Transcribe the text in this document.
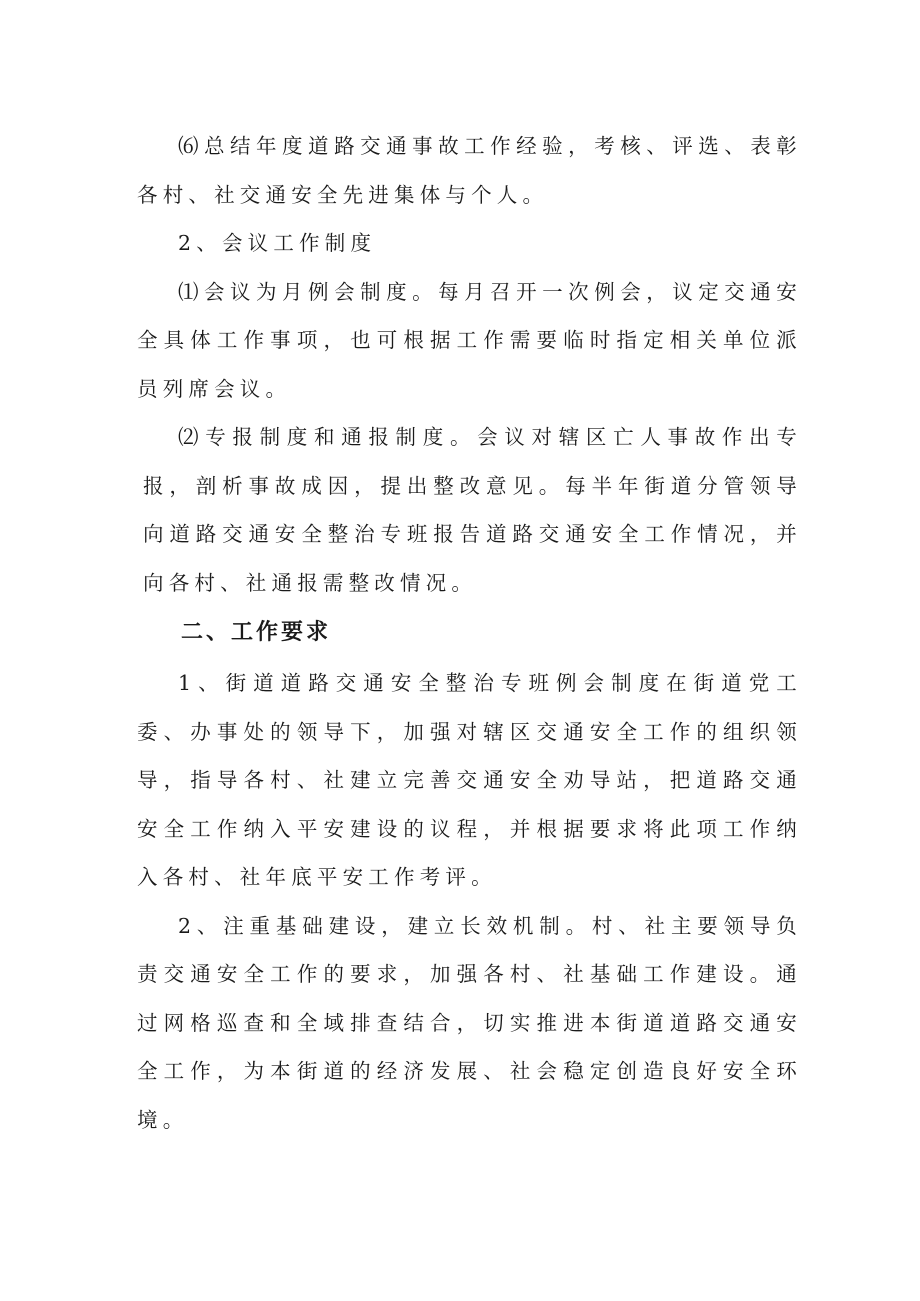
⑹总结年度道路交通事故工作经验，考核、评选、表彰各村、社交通安全先进集体与个人。

2、会议工作制度

⑴会议为月例会制度。每月召开一次例会，议定交通安全具体工作事项，也可根据工作需要临时指定相关单位派员列席会议。

⑵专报制度和通报制度。会议对辖区亡人事故作出专报，剖析事故成因，提出整改意见。每半年街道分管领导向道路交通安全整治专班报告道路交通安全工作情况，并向各村、社通报需整改情况。

二、工作要求

1、街道道路交通安全整治专班例会制度在街道党工委、办事处的领导下，加强对辖区交通安全工作的组织领导，指导各村、社建立完善交通安全劝导站，把道路交通安全工作纳入平安建设的议程，并根据要求将此项工作纳入各村、社年底平安工作考评。

2、注重基础建设，建立长效机制。村、社主要领导负责交通安全工作的要求，加强各村、社基础工作建设。通过网格巡查和全域排查结合，切实推进本街道道路交通安全工作，为本街道的经济发展、社会稳定创造良好安全环境。
